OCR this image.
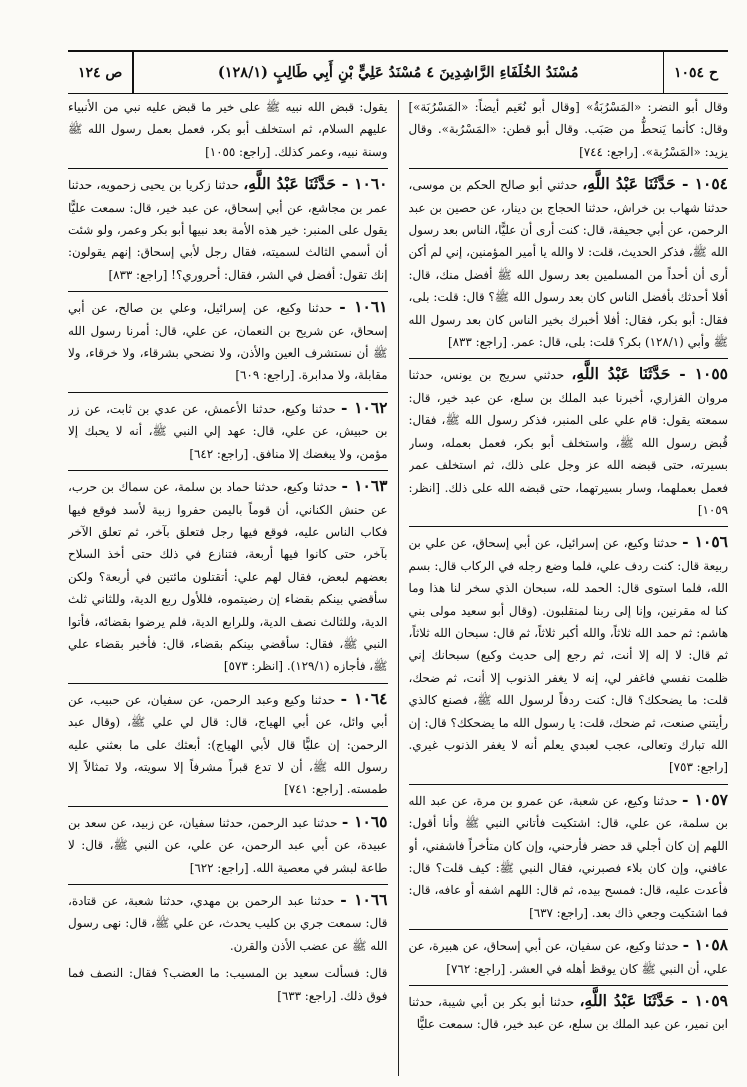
ح ١٠٥٤
مُسْنَدُ الخُلَفَاءِ الرَّاشِدِينَ ٤ مُسْنَدُ عَلِيٍّ بْنِ أَبِي طَالِبٍ (١٢٨/١)
ص ١٢٤

وقال أبو النضر: «المَسْرُبَةُ» [وقال أبو نُعَيم أيضاً: «المَسْرُبَة»] وقال: كأنما يَنحطُّ من صَبَب. وقال أبو قطن: «المَسْرُبة». وقال يزيد: «المَسْرُبة». [راجع: ٧٤٤]

١٠٥٤ - حَدَّثَنَا عَبْدُ اللَّهِ، حدثني أبو صالح الحكم بن موسى، حدثنا شهاب بن خراش، حدثنا الحجاج بن دينار، عن حصين بن عبد الرحمن، عن أبي جحيفة، قال: كنت أرى أن عليًّا، الناس بعد رسول الله ﷺ، فذكر الحديث، قلت: لا والله يا أمير المؤمنين، إني لم أكن أرى أن أحداً من المسلمين بعد رسول الله ﷺ أفضل منك، قال: أفلا أحدثك بأفضل الناس كان بعد رسول الله ﷺ؟ قال: قلت: بلى، فقال: أبو بكر، فقال: أفلا أخبرك بخير الناس كان بعد رسول الله ﷺ وأبي (١٢٨/١) بكر؟ قلت: بلى، قال: عمر. [راجع: ٨٣٣]

١٠٥٥ - حَدَّثَنَا عَبْدُ اللَّهِ، حدثني سريج بن يونس، حدثنا مروان الفزاري، أخبرنا عبد الملك بن سلع، عن عبد خير، قال: سمعته يقول: قام علي على المنبر، فذكر رسول الله ﷺ، فقال: قُبض رسول الله ﷺ، واستخلف أبو بكر، فعمل بعمله، وسار بسيرته، حتى قبضه الله عز وجل على ذلك، ثم استخلف عمر فعمل بعملهما، وسار بسيرتهما، حتى قبضه الله على ذلك. [انظر: ١٠٥٩]

١٠٥٦ - حدثنا وكيع، عن إسرائيل، عن أبي إسحاق، عن علي بن ربيعة قال: كنت ردف علي، فلما وضع رجله في الركاب قال: بسم الله، فلما استوى قال: الحمد لله، سبحان الذي سخر لنا هذا وما كنا له مقرنين، وإنا إلى ربنا لمنقلبون. (وقال أبو سعيد مولى بني هاشم: ثم حمد الله ثلاثاً، والله أكبر ثلاثاً، ثم قال: سبحان الله ثلاثاً، ثم قال: لا إله إلا أنت، ثم رجع إلى حديث وكيع) سبحانك إني ظلمت نفسي فاغفر لي، إنه لا يغفر الذنوب إلا أنت، ثم ضحك، قلت: ما يضحكك؟ قال: كنت ردفاً لرسول الله ﷺ، فصنع كالذي رأيتني صنعت، ثم ضحك، قلت: يا رسول الله ما يضحكك؟ قال: إن الله تبارك وتعالى، عجب لعبدي يعلم أنه لا يغفر الذنوب غيري. [راجع: ٧٥٣]

١٠٥٧ - حدثنا وكيع، عن شعبة، عن عمرو بن مرة، عن عبد الله بن سلمة، عن علي، قال: اشتكيت فأتاني النبي ﷺ وأنا أقول: اللهم إن كان أجلي قد حضر فأرحني، وإن كان متأخراً فاشفني، أو عافني، وإن كان بلاء فصبرني، فقال النبي ﷺ: كيف قلت؟ قال: فأعدت عليه، قال: فمسح بيده، ثم قال: اللهم اشفه أو عافه، قال: فما اشتكيت وجعي ذاك بعد. [راجع: ٦٣٧]

١٠٥٨ - حدثنا وكيع، عن سفيان، عن أبي إسحاق، عن هبيرة، عن علي، أن النبي ﷺ كان يوقظ أهله في العشر. [راجع: ٧٦٢]

١٠٥٩ - حَدَّثَنَا عَبْدُ اللَّهِ، حدثنا أبو بكر بن أبي شيبة، حدثنا ابن نمير، عن عبد الملك بن سلع، عن عبد خير، قال: سمعت عليًّا

يقول: قبض الله نبيه ﷺ على خير ما قبض عليه نبي من الأنبياء عليهم السلام، ثم استخلف أبو بكر، فعمل بعمل رسول الله ﷺ وسنة نبيه، وعمر كذلك. [راجع: ١٠٥٥]

١٠٦٠ - حَدَّثَنَا عَبْدُ اللَّهِ، حدثنا زكريا بن يحيى زحمويه، حدثنا عمر بن مجاشع، عن أبي إسحاق، عن عبد خير، قال: سمعت عليًّا يقول على المنبر: خير هذه الأمة بعد نبيها أبو بكر وعمر، ولو شئت أن أسمي الثالث لسميته، فقال رجل لأبي إسحاق: إنهم يقولون: إنك تقول: أفضل في الشر، فقال: أحروري؟! [راجع: ٨٣٣]

١٠٦١ - حدثنا وكيع، عن إسرائيل، وعلي بن صالح، عن أبي إسحاق، عن شريح بن النعمان، عن علي، قال: أمرنا رسول الله ﷺ أن نستشرف العين والأذن، ولا نضحي بشرقاء، ولا خرقاء، ولا مقابلة، ولا مدابرة. [راجع: ٦٠٩]

١٠٦٢ - حدثنا وكيع، حدثنا الأعمش، عن عدي بن ثابت، عن زر بن حبيش، عن علي، قال: عهد إلي النبي ﷺ، أنه لا يحبك إلا مؤمن، ولا يبغضك إلا منافق. [راجع: ٦٤٢]

١٠٦٣ - حدثنا وكيع، حدثنا حماد بن سلمة، عن سماك بن حرب، عن حنش الكناني، أن قوماً باليمن حفروا زبية لأسد فوقع فيها فكاب الناس عليه، فوقع فيها رجل فتعلق بآخر، ثم تعلق الآخر بآخر، حتى كانوا فيها أربعة، فتنازع في ذلك حتى أخذ السلاح بعضهم لبعض، فقال لهم علي: أتقتلون مائتين في أربعة؟ ولكن سأقضي بينكم بقضاء إن رضيتموه، فللأول ربع الدية، وللثاني ثلث الدية، وللثالث نصف الدية، وللرابع الدية، فلم يرضوا بقضائه، فأتوا النبي ﷺ، فقال: سأقضي بينكم بقضاء، قال: فأخبر بقضاء علي ﷺ، فأجازه (١٢٩/١). [انظر: ٥٧٣]

١٠٦٤ - حدثنا وكيع وعبد الرحمن، عن سفيان، عن حبيب، عن أبي وائل، عن أبي الهياج، قال: قال لي علي ﷺ، (وقال عبد الرحمن: إن عليًّا قال لأبي الهياج): أبعثك على ما بعثني عليه رسول الله ﷺ، أن لا تدع قبراً مشرفاً إلا سويته، ولا تمثالاً إلا طمسته. [راجع: ٧٤١]

١٠٦٥ - حدثنا عبد الرحمن، حدثنا سفيان، عن زبيد، عن سعد بن عبيدة، عن أبي عبد الرحمن، عن علي، عن النبي ﷺ، قال: لا طاعة لبشر في معصية الله. [راجع: ٦٢٢]

١٠٦٦ - حدثنا عبد الرحمن بن مهدي، حدثنا شعبة، عن قتادة، قال: سمعت جري بن كليب يحدث، عن علي ﷺ، قال: نهى رسول الله ﷺ عن عضب الأذن والقرن.

قال: فسألت سعيد بن المسيب: ما العضب؟ فقال: النصف فما فوق ذلك. [راجع: ٦٣٣]
